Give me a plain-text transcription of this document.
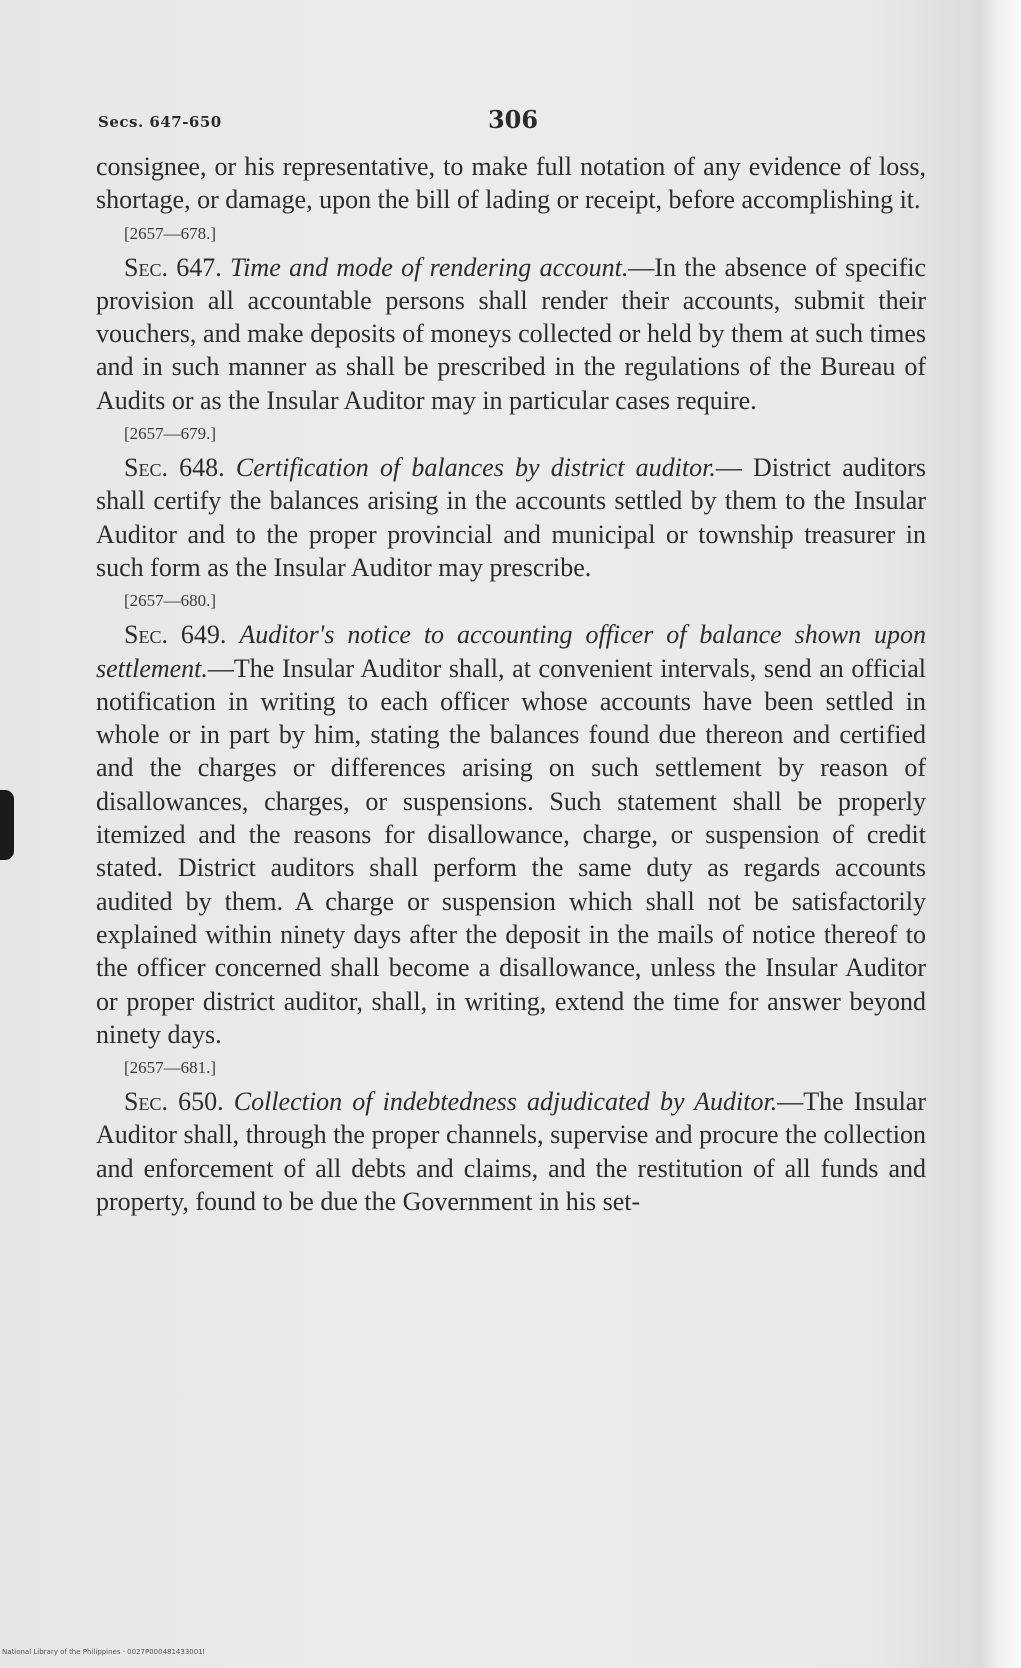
Secs. 647-650	306

consignee, or his representative, to make full notation of any evidence of loss, shortage, or damage, upon the bill of lading or receipt, before accomplishing it.

[2657—678.]

Sec. 647. Time and mode of rendering account.—In the absence of specific provision all accountable persons shall render their accounts, submit their vouchers, and make deposits of moneys collected or held by them at such times and in such manner as shall be prescribed in the regulations of the Bureau of Audits or as the Insular Auditor may in particular cases require.

[2657—679.]

Sec. 648. Certification of balances by district auditor.— District auditors shall certify the balances arising in the accounts settled by them to the Insular Auditor and to the proper provincial and municipal or township treasurer in such form as the Insular Auditor may prescribe.

[2657—680.]

Sec. 649. Auditor's notice to accounting officer of balance shown upon settlement.—The Insular Auditor shall, at convenient intervals, send an official notification in writing to each officer whose accounts have been settled in whole or in part by him, stating the balances found due thereon and certified and the charges or differences arising on such settlement by reason of disallowances, charges, or suspensions. Such statement shall be properly itemized and the reasons for disallowance, charge, or suspension of credit stated. District auditors shall perform the same duty as regards accounts audited by them. A charge or suspension which shall not be satisfactorily explained within ninety days after the deposit in the mails of notice thereof to the officer concerned shall become a disallowance, unless the Insular Auditor or proper district auditor, shall, in writing, extend the time for answer beyond ninety days.

[2657—681.]

Sec. 650. Collection of indebtedness adjudicated by Auditor.—The Insular Auditor shall, through the proper channels, supervise and procure the collection and enforcement of all debts and claims, and the restitution of all funds and property, found to be due the Government in his set-

National Library of the Philippines · 0027P000481433001I
